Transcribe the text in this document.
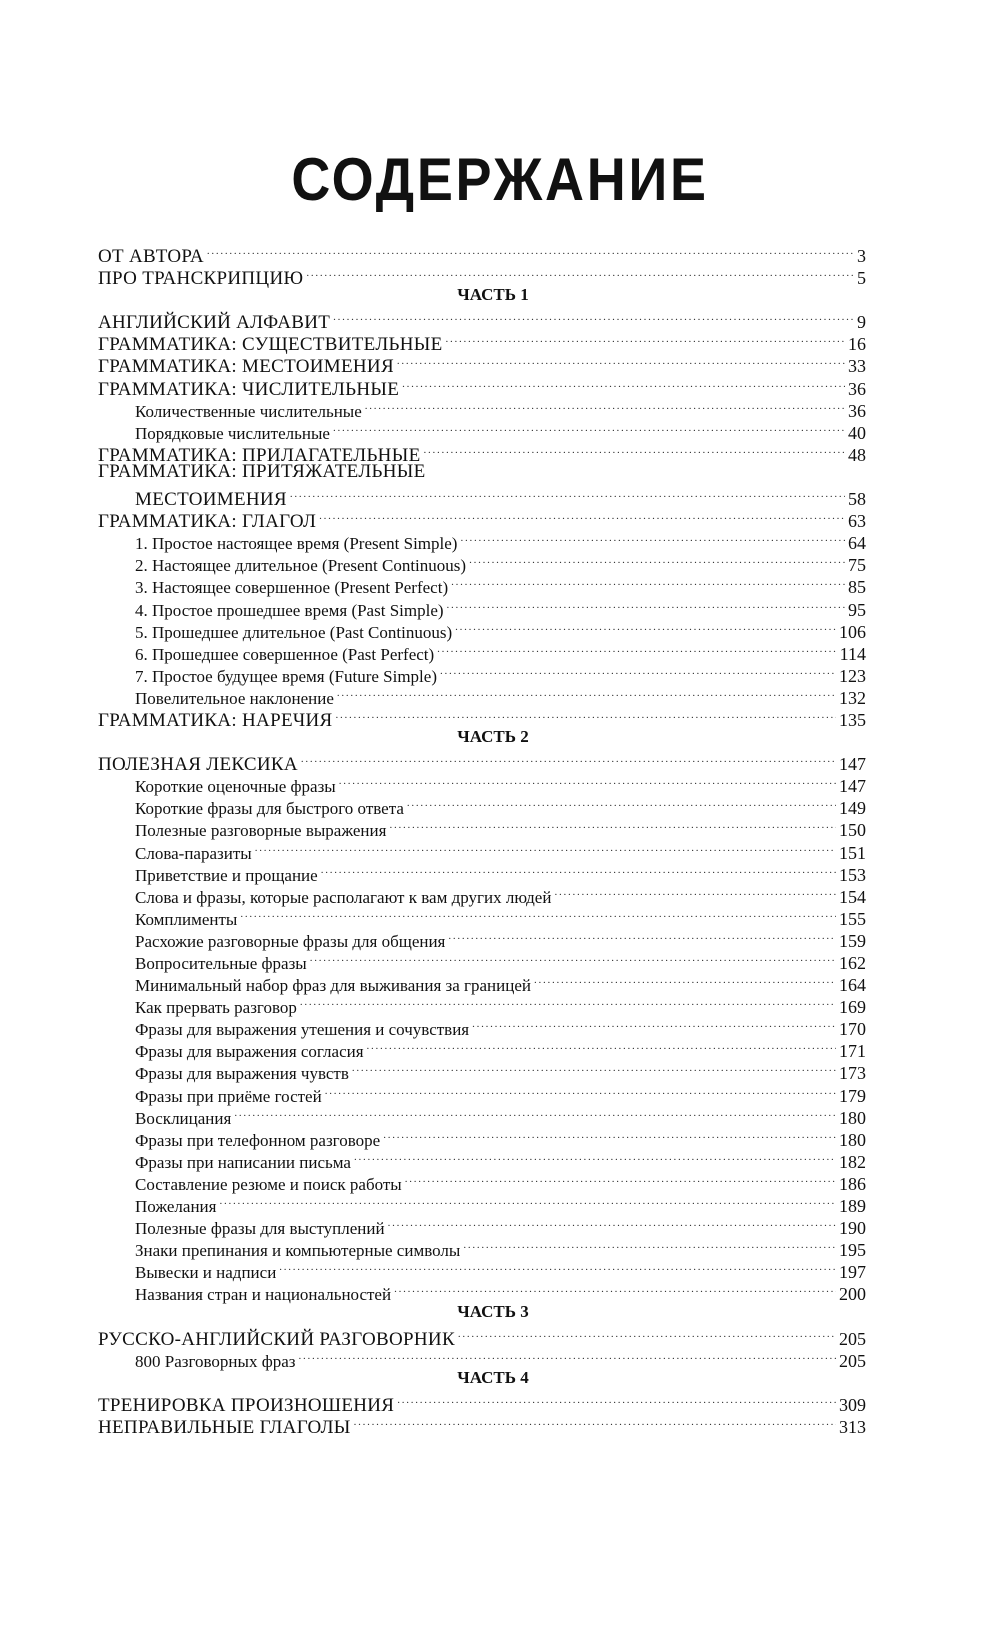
СОДЕРЖАНИЕ
ОТ АВТОРА . . .	3
ПРО ТРАНСКРИПЦИЮ . . .	5
ЧАСТЬ 1
АНГЛИЙСКИЙ АЛФАВИТ . . .	9
ГРАММАТИКА: СУЩЕСТВИТЕЛЬНЫЕ . . .	16
ГРАММАТИКА: МЕСТОИМЕНИЯ . . .	33
ГРАММАТИКА: ЧИСЛИТЕЛЬНЫЕ . . .	36
Количественные числительные . . .	36
Порядковые числительные . . .	40
ГРАММАТИКА: ПРИЛАГАТЕЛЬНЫЕ . . .	48
ГРАММАТИКА: ПРИТЯЖАТЕЛЬНЫЕ
МЕСТОИМЕНИЯ . . .	58
ГРАММАТИКА: ГЛАГОЛ . . .	63
1. Простое настоящее время (Present Simple) . . .	64
2. Настоящее длительное (Present Continuous) . . .	75
3. Настоящее совершенное (Present Perfect) . . .	85
4. Простое прошедшее время (Past Simple) . . .	95
5. Прошедшее длительное (Past Continuous) . . .	106
6. Прошедшее совершенное (Past Perfect) . . .	114
7. Простое будущее время (Future Simple) . . .	123
Повелительное наклонение . . .	132
ГРАММАТИКА: НАРЕЧИЯ . . .	135
ЧАСТЬ 2
ПОЛЕЗНАЯ ЛЕКСИКА . . .	147
Короткие оценочные фразы . . .	147
Короткие фразы для быстрого ответа . . .	149
Полезные разговорные выражения . . .	150
Слова-паразиты . . .	151
Приветствие и прощание . . .	153
Слова и фразы, которые располагают к вам других людей . . .	154
Комплименты . . .	155
Расхожие разговорные фразы для общения . . .	159
Вопросительные фразы . . .	162
Минимальный набор фраз для выживания за границей . . .	164
Как прервать разговор . . .	169
Фразы для выражения утешения и сочувствия . . .	170
Фразы для выражения согласия . . .	171
Фразы для выражения чувств . . .	173
Фразы при приёме гостей . . .	179
Восклицания . . .	180
Фразы при телефонном разговоре . . .	180
Фразы при написании письма . . .	182
Составление резюме и поиск работы . . .	186
Пожелания . . .	189
Полезные фразы для выступлений . . .	190
Знаки препинания и компьютерные символы . . .	195
Вывески и надписи . . .	197
Названия стран и национальностей . . .	200
ЧАСТЬ 3
РУССКО-АНГЛИЙСКИЙ РАЗГОВОРНИК . . .	205
800 Разговорных фраз . . .	205
ЧАСТЬ 4
ТРЕНИРОВКА ПРОИЗНОШЕНИЯ . . .	309
НЕПРАВИЛЬНЫЕ ГЛАГОЛЫ . . .	313
